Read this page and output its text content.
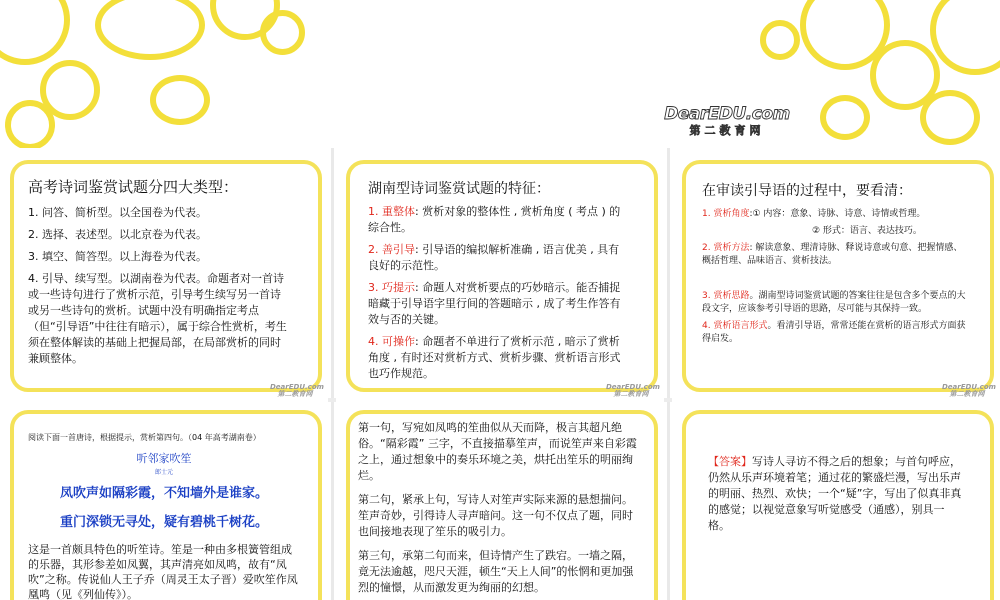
DearEDU.com
第二教育网
高考诗词鉴赏试题分四大类型：
1. 问答、简析型。以全国卷为代表。
2. 选择、表述型。以北京卷为代表。
3. 填空、简答型。以上海卷为代表。
4. 引导、续写型。以湖南卷为代表。命题者对一首诗或一些诗句进行了赏析示范，引导考生续写另一首诗或另一些诗句的赏析。试题中没有明确指定考点（但“引导语”中往往有暗示），属于综合性赏析，考生须在整体解读的基础上把握局部，在局部赏析的同时兼顾整体。
DearEDU.com 第二教育网
湖南型诗词鉴赏试题的特征：
1. 重整体: 赏析对象的整体性 , 赏析角度 ( 考点 ) 的综合性。
2. 善引导: 引导语的编拟解析准确 , 语言优美 , 具有良好的示范性。
3. 巧提示: 命题人对赏析要点的巧妙暗示。能否捕捉暗藏于引导语字里行间的答题暗示 , 成了考生作答有效与否的关键。
4. 可操作: 命题者不单进行了赏析示范 , 暗示了赏析角度 , 有时还对赏析方式、赏析步骤、赏析语言形式也巧作规范。
DearEDU.com 第二教育网
在审读引导语的过程中，要看清：
1. 赏析角度:① 内容：意象、诗脉、诗意、诗情或哲理。
② 形式：语言、表达技巧。
2. 赏析方法: 解读意象、理清诗脉、释说诗意或句意、把握情感、概括哲理、品味语言、赏析技法。
3. 赏析思路。湖南型诗词鉴赏试题的答案往往是包含多个要点的大段文字，应该参考引导语的思路，尽可能与其保持一致。
4. 赏析语言形式。看清引导语，常常还能在赏析的语言形式方面获得启发。
DearEDU.com 第二教育网
阅读下面一首唐诗，根据提示，赏析第四句。（04 年高考湖南卷）
听邻家吹笙
郎士元
凤吹声如隔彩霞，不知墙外是谁家。
重门深锁无寻处，疑有碧桃千树花。
这是一首颇具特色的听笙诗。笙是一种由多根簧管组成的乐器，其形参差如凤翼，其声清亮如凤鸣，故有“凤吹”之称。传说仙人王子乔（周灵王太子晋）爱吹笙作凤凰鸣（见《列仙传》）。
第一句，写宛如凤鸣的笙曲似从天而降，极言其超凡绝俗。“隔彩霞” 三字，不直接描摹笙声，而说笙声来自彩霞之上，通过想象中的奏乐环境之美，烘托出笙乐的明丽绚烂。
第二句，紧承上句，写诗人对笙声实际来源的悬想揣问。笙声奇妙，引得诗人寻声暗问。这一句不仅点了题，同时也间接地表现了笙乐的吸引力。
第三句，承第二句而来，但诗情产生了跌宕。一墙之隔，竟无法逾越，咫尺天涯，顿生“天上人间”的怅惘和更加强烈的憧憬，从而激发更为绚丽的幻想。
【答案】写诗人寻访不得之后的想象；与首句呼应，仍然从乐声环境着笔；通过花的繁盛烂漫，写出乐声的明丽、热烈、欢快；一个“疑”字，写出了似真非真的感觉；以视觉意象写听觉感受（通感），别具一格。
